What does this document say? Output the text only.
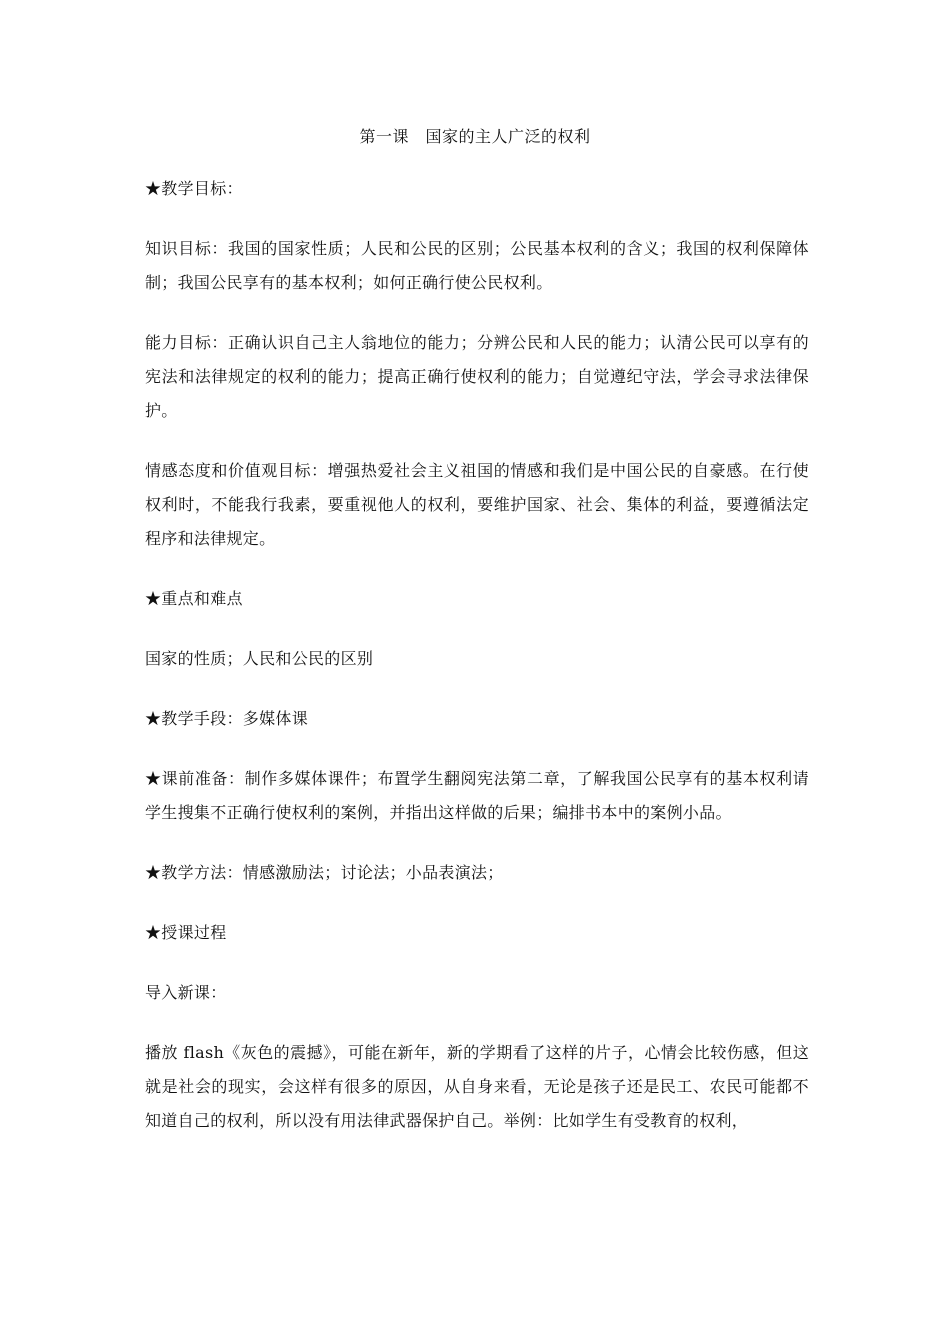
第一课　国家的主人广泛的权利

★教学目标：

知识目标：我国的国家性质；人民和公民的区别；公民基本权利的含义；我国的权利保障体制；我国公民享有的基本权利；如何正确行使公民权利。

能力目标：正确认识自己主人翁地位的能力；分辨公民和人民的能力；认清公民可以享有的宪法和法律规定的权利的能力；提高正确行使权利的能力；自觉遵纪守法，学会寻求法律保护。

情感态度和价值观目标：增强热爱社会主义祖国的情感和我们是中国公民的自豪感。在行使权利时，不能我行我素，要重视他人的权利，要维护国家、社会、集体的利益，要遵循法定程序和法律规定。

★重点和难点

国家的性质；人民和公民的区别

★教学手段：多媒体课

★课前准备：制作多媒体课件；布置学生翻阅宪法第二章，了解我国公民享有的基本权利请学生搜集不正确行使权利的案例，并指出这样做的后果；编排书本中的案例小品。

★教学方法：情感激励法；讨论法；小品表演法；

★授课过程

导入新课：

播放 flash《灰色的震撼》，可能在新年，新的学期看了这样的片子，心情会比较伤感，但这就是社会的现实，会这样有很多的原因，从自身来看，无论是孩子还是民工、农民可能都不知道自己的权利，所以没有用法律武器保护自己。举例：比如学生有受教育的权利，
